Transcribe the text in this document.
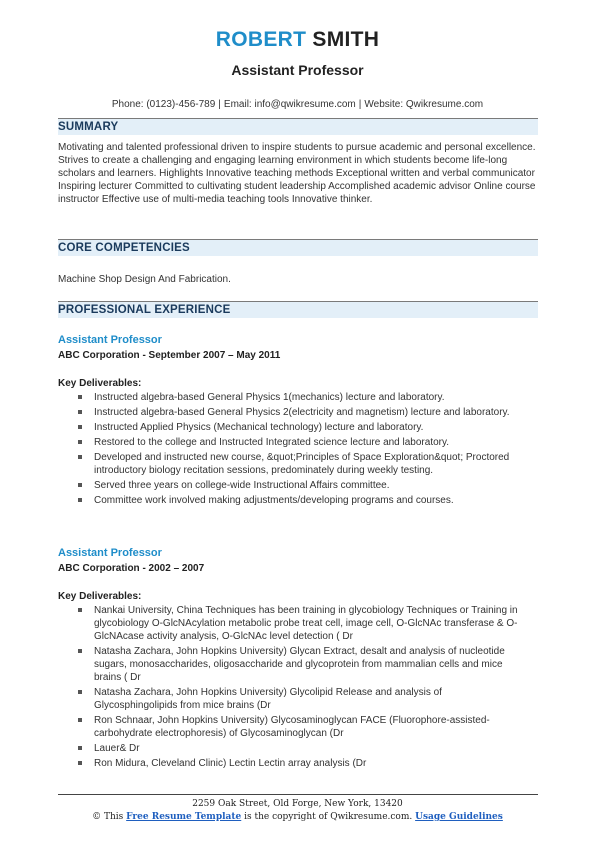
ROBERT SMITH
Assistant Professor
Phone: (0123)-456-789 | Email: info@qwikresume.com | Website: Qwikresume.com
SUMMARY
Motivating and talented professional driven to inspire students to pursue academic and personal excellence. Strives to create a challenging and engaging learning environment in which students become life-long scholars and learners. Highlights Innovative teaching methods Exceptional written and verbal communicator Inspiring lecturer Committed to cultivating student leadership Accomplished academic advisor Online course instructor Effective use of multi-media teaching tools Innovative thinker.
CORE COMPETENCIES
Machine Shop Design And Fabrication.
PROFESSIONAL EXPERIENCE
Assistant Professor
ABC Corporation - September 2007 – May 2011
Key Deliverables:
Instructed algebra-based General Physics 1(mechanics) lecture and laboratory.
Instructed algebra-based General Physics 2(electricity and magnetism) lecture and laboratory.
Instructed Applied Physics (Mechanical technology) lecture and laboratory.
Restored to the college and Instructed Integrated science lecture and laboratory.
Developed and instructed new course, &quot;Principles of Space Exploration&quot; Proctored introductory biology recitation sessions, predominately during weekly testing.
Served three years on college-wide Instructional Affairs committee.
Committee work involved making adjustments/developing programs and courses.
Assistant Professor
ABC Corporation - 2002 – 2007
Key Deliverables:
Nankai University, China Techniques has been training in glycobiology Techniques or Training in glycobiology O-GlcNAcylation metabolic probe treat cell, image cell, O-GlcNAc transferase & O-GlcNAcase activity analysis, O-GlcNAc level detection ( Dr
Natasha Zachara, John Hopkins University) Glycan Extract, desalt and analysis of nucleotide sugars, monosaccharides, oligosaccharide and glycoprotein from mammalian cells and mice brains ( Dr
Natasha Zachara, John Hopkins University) Glycolipid Release and analysis of Glycosphingolipids from mice brains (Dr
Ron Schnaar, John Hopkins University) Glycosaminoglycan FACE (Fluorophore-assisted-carbohydrate electrophoresis) of Glycosaminoglycan (Dr
Lauer& Dr
Ron Midura, Cleveland Clinic) Lectin Lectin array analysis (Dr
2259 Oak Street, Old Forge, New York, 13420
© This Free Resume Template is the copyright of Qwikresume.com. Usage Guidelines
